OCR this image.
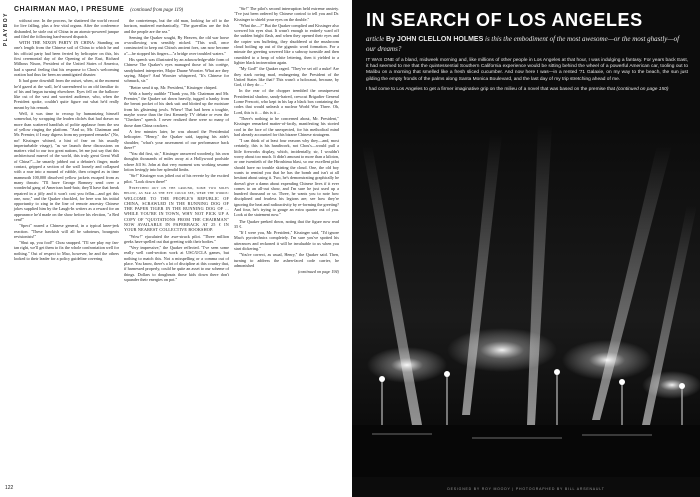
PLAYBOY
122
CHAIRMAN MAO, I PRESUME (continued from page 119)

without one. In the process, he shattered the world record for live falling, plus a few vital organs. After the conference disbanded, he stole out of China in an atomic-powered junque and filed the following hard-nosed dispatch.

WITH THE NIXON PARTY IN CHINA: Standing on one's length from the Chinese soil of China to which he and his official party had been ferried by helicopter on this, his first ceremonial day of the Opening of the East, Richard Milhous Nixon, President of the United States of America, had a sprawl feeling that his response to Chou's welcoming oration had thus far been an unmitigated disaster.

It had gone downhill from the outset, when, at the moment he'd gazed at the wall, he'd surrendered to an old familiar tic of his and begun turning elsewhere. Eyes fell on the balloon-like cut of the vast and worried audience, who, when the President spoke, couldn't quite figure out what he'd really meant by his remark.

Well, it was time to recoup by humanizing himself somewhat, by scrapping the leaden clichés that had drawn no more than scattered handfuls of polite applause from the sea of yellow ringing the platform. "And so, Mr. Chairman and Mr. Premier, if I may digress from my prepared remarks" (No, no! Kissinger whined, a hint of fear on his usually imperturbable visage), "as we launch these discussions on matters vital to our two great nations, let me just say that this architectural marvel of the world, this truly great Great Wall of China!"—he smartly jabbed out a debater's finger, made contact, gripped a section of the wall loosely and collapsed with a roar into a mound of rubble, then cringed as in time mammoth 100,000 dissolved yellow jackets escaped from as many throats: "I'll have George Romney send over a wonderful gang of American hard-hats; they'll have that break repaired in a jiffy and it won't cost you fellas—and get this one, now," and the Quaker chuckled, for here was his initial opportunity to zing in the line of remote ancestry Chinese jokes supplied him by the Laugh-In writers as a reward for an appearance he'd made on the show before his election, "a Red cent!"

"Spect" roared a Chinese general, in a typical knee-jerk reaction. "These hawkish will all be saboteurs, bourgeois revisionists!"

"Shut up, you fool!" Chou snapped. "I'll see play my fan-tan right, we'll get them to fix the whole confrontation well for nothing." Out of respect to Mao, however, he and the others looked to their leader for a policy guideline covering

the contretemps, but the old man, looking far off to the horizon, muttered mechanically, "The guerrillas are the fish and the people are the sea."

Sensing the Quaker sought, By Heaven, the old war horse a-swallowing was sensibly nicked. "This wall, once constructed to keep out China's ancient foes, can now become a"—he stopped his fingers—"a bridge over troubled waters."

His speech was illustrated by an acknowledge-able form of Chinese The Quaker's eyes managed those of his cortège, sandyhaired interpreter, Major Duane Wooster. What are they saying, Major? And Wooster whispered, "It's Chinese for schmuck, sir."

"Better send it up, Mr. President," Kissinger chirped.

With a barely audible "Thank you, Mr. Chairman and Mr. Premier," the Quaker sat down heavily, tugged a hanky from the breast pocket of his dark suit and blotted up the moisture from his glistening jowls. Whew! That had been a toughie, maybe worse than the first Kennedy TV debate or even the "Checkers" speech. I never realized there were so many of those darn China crackers.

A few minutes later, he was aboard the Presidential helicopter. "Henry," the Quaker said, tapping his aide's shoulder, "what's your assessment of our performance back there?"

"You did first, sir," Kissinger answered woodenly, his own thoughts thousands of miles away at a Hollywood poolside where Jill St. John at that very moment was working sesame lotion lovingly into her splendid limbs.

"Sir!" Kissinger was jolted out of his reverie by the excited pilot. "Look down there!"

Stretched out on the ground, some two miles below, as far as the eye could see, were the words: WELCOME TO THE PEOPLE'S REPUBLIC OF CHINA, SCRAWLED IN THE RUNNING DOG OF THE PAPER TIGER IN THE RUNNING DOG OF ... WHILE YOU'RE IN TOWN, WHY NOT PICK UP A COPY OF "QUOTATIONS FROM THE CHAIRMAN" NOW AVAILABLE IN PAPERBACK AT 25 ¢ IN YOUR NEAREST COLLECTIVE BOOKSHOP.

"Wow!" ejaculated the awe-struck pilot. "Three million geeks have spelled out that greeting with their bodies."

"Very impressive," the Quaker reflected. "I've seen some really well card-section work at USC/UCLA games, but nothing to match this. Not a misspelling or a comma out of place. You know, there's a lot of discipline at this country that, if harnessed properly, could be quite an asset to our scheme of things. Dollars to doughnuts those kids down there don't squander their energies on pot."

"Sir!" The pilot's second interruption held extreme anxiety. "I've just been ordered by Chinese control to tell you and Dr. Kissinger to shield your eyes on the double."

"What the—?" But the Quaker complied and Kissinger also screwed his eyes shut. It wasn't enough to entirely ward off the sudden bright flash, and when they opened their eyes and the copter was buffeting, they shuddered at the mushroom cloud boiling up out of the gigantic word formation. For a minute the greeting wavered like a subway turnstile and then crumbled to a heap of white lettering, then it yielded to a lighter black incineration again.

"My God!" the Quaker raged. "They've set off a nuke! Are they stark raving mad, endangering the President of the United States like that? This wasn't a holocaust, because, by God, if they do ... "

In the rear of the chopper trembled the omnipresent Presidential shadow, sandy-haired, crewcut Brigadier General Lorne Prescott, who kept in his lap a black box containing the codes that would unleash a nuclear World War Three. Oh, Lord, this is it ... this is it ...

"There's nothing to be concerned about, Mr. President," Kissinger remarked matter-of-factly, manifesting his storied cool in the face of the unexpected, for his methodical mind had already accounted for this bizarre Chinese stratagem.

"I can think of at least four reasons why they—and, most certainly, this is his handiwork, not Chou's—would pull a little fireworks display, which, incidentally, sir, I wouldn't worry about too much. It didn't amount to more than a kiloton, or one twentieth of the Hiroshima blast, so our excellent pilot should have no trouble skirting the cloud. One, the old boy wants to remind you that he has the bomb and isn't at all hesitant about using it. Two, he's demonstrating graphically he doesn't give a damn about expending Chinese lives if it ever comes to an all-out show, and I'm sure he just used up a hundred thousand or so. Three, he wants you to note how disciplined and fearless his legions are; see how they're ignoring the heat and radioactivity by re-forming the greeting? And four, he's trying to gouge an extra quarter out of you. Look at the statement now."

The Quaker peeked down, noting that the figure now read 35 ¢.

"If I were you, Mr. President," Kissinger said, "I'd ignore Mao's pyrotechnics completely. I'm sure you've spotted his utterances and reckoned it will be invaluable to us when you start dickering."

"You're correct, as usual, Henry," the Quaker said. Then, turning to address the ashen-faced code carrier, he admonished

(continued on page 194)

IN SEARCH OF LOS ANGELES

article By JOHN CLELLON HOLMES is this the embodiment of the most awesome—or the most ghastly—of our dreams?

IT WAS ONE of a bland, midweek morning and, like millions of other people in Los Angeles at that hour, I was indulging a fantasy. For years back East, it had seemed to me that the quintessential Southern California experience would be sitting behind the wheel of a powerful American car, tooling out to Malibu on a morning that smelled like a fresh sliced cucumber. And now here I was—in a rented '71 Galaxie, on my way to the beach, the sun just gilding the empty fronds of the palms along Santa Monica Boulevard, and the last day of my trip stretching ahead of me.

I had come to Los Angeles to get a firmer imaginative grip on the milieu of a novel that was based on the premise that (continued on page 150)

DESIGNED BY ROY MOODY | PHOTOGRAPHED BY BILL ARSENAULT
